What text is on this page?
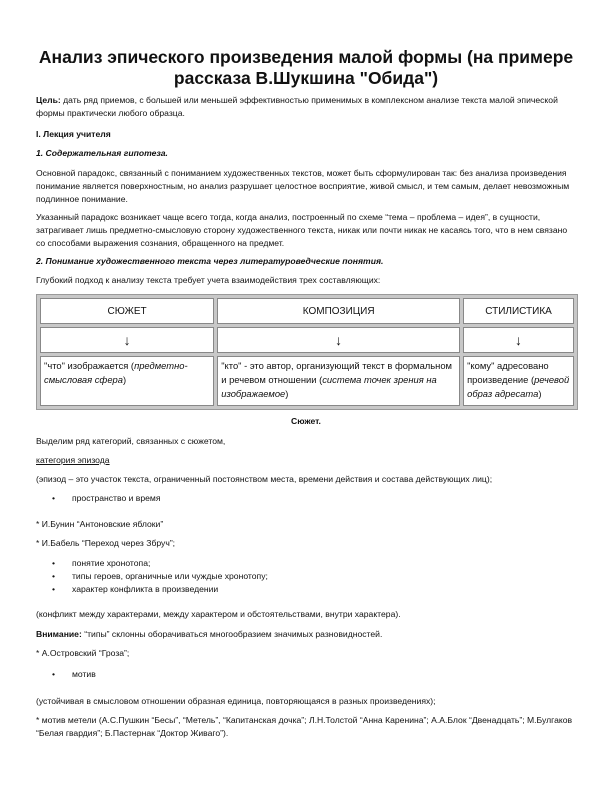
Анализ эпического произведения малой формы (на примере рассказа В.Шукшина "Обида")

Цель: дать ряд приемов, с большей или меньшей эффективностью применимых в комплексном анализе текста малой эпической формы практически любого образца.

I. Лекция учителя

1. Содержательная гипотеза.

Основной парадокс, связанный с пониманием художественных текстов, может быть сформулирован так: без анализа произведения понимание является поверхностным, но анализ разрушает целостное восприятие, живой смысл, и тем самым, делает невозможным подлинное понимание.

Указанный парадокс возникает чаще всего тогда, когда анализ, построенный по схеме “тема – проблема – идея”, в сущности, затрагивает лишь предметно-смысловую сторону художественного текста, никак или почти никак не касаясь того, что в нем связано со способами выражения сознания, обращенного на предмет.

2. Понимание художественного текста через литературоведческие понятия.

Глубокий подход к анализу текста требует учета взаимодействия трех составляющих:

СЮЖЕТ	КОМПОЗИЦИЯ	СТИЛИСТИКА
↓	↓	↓
"что" изображается (предметно-смысловая сфера)	"кто" - это автор, организующий текст в формальном и речевом отношении (система точек зрения на изображаемое)	"кому" адресовано произведение (речевой образ адресата)
Сюжет.

Выделим ряд категорий, связанных с сюжетом,

категория эпизода

(эпизод – это участок текста, ограниченный постоянством места, времени действия и состава действующих лиц);

• пространство и время

* И.Бунин “Антоновские яблоки”

* И.Бабель “Переход через Збруч”;

• понятие хронотопа;
• типы героев, органичные или чуждые хронотопу;
• характер конфликта в произведении

(конфликт между характерами, между характером и обстоятельствами, внутри характера).

Внимание: “типы” склонны оборачиваться многообразием значимых разновидностей.

* А.Островский “Гроза”;

• мотив

(устойчивая в смысловом отношении образная единица, повторяющаяся в разных произведениях);

* мотив метели (А.С.Пушкин “Бесы”, “Метель”, “Капитанская дочка”; Л.Н.Толстой “Анна Каренина”; А.А.Блок “Двенадцать”; М.Булгаков “Белая гвардия”; Б.Пастернак “Доктор Живаго”).
